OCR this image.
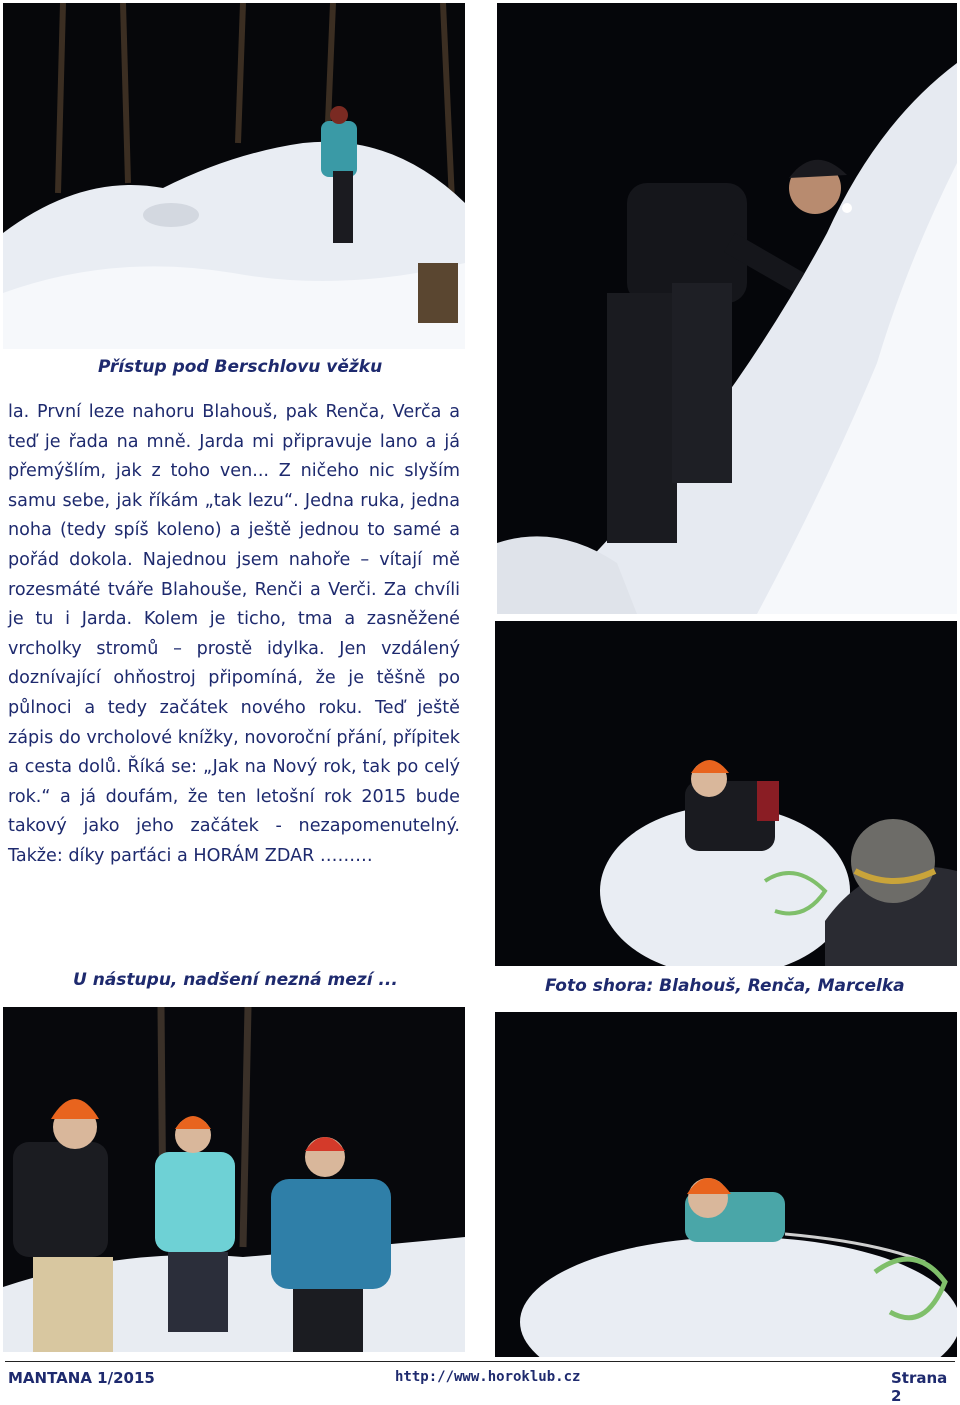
Přístup pod Berschlovu věžku

la. První leze nahoru Blahouš, pak Renča, Verča a teď je řada na mně. Jarda mi připravuje lano a já přemýšlím, jak z toho ven... Z ničeho nic slyším samu sebe, jak říkám „tak lezu“. Jedna ruka, jedna noha (tedy spíš koleno) a ještě jednou to samé a pořád dokola. Najednou jsem nahoře – vítají mě rozesmáté tváře Blahouše, Renči a Verči. Za chvíli je tu i Jarda. Kolem je ticho, tma a zasněžené vrcholky stromů – prostě idylka. Jen vzdálený doznívající ohňostroj připomíná, že je těšně po půlnoci a tedy začátek nového roku. Teď ještě zápis do vrcholové knížky, novoroční přání, přípitek a cesta dolů. Říká se: „Jak na Nový rok, tak po celý rok.“ a já doufám, že ten letošní rok 2015 bude takový jako jeho začátek - nezapomenutelný. Takže: díky parťáci a HORÁM ZDAR ………

U nástupu, nadšení nezná mezí ...	Foto shora: Blahouš, Renča, Marcelka
MANTANA 1/2015	http://www.horoklub.cz	Strana 2
